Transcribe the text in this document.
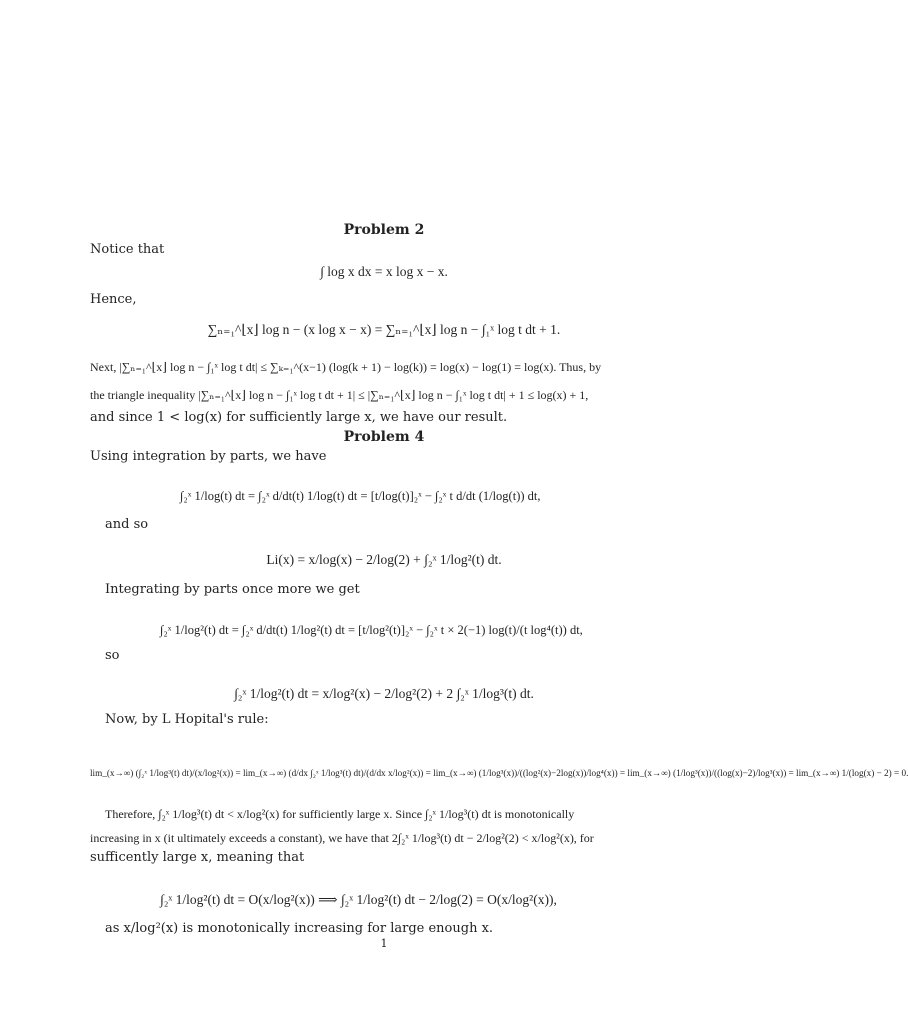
Problem 2
Notice that
∫ log x dx = x log x − x.
Hence,
∑ₙ₌₁^⌊x⌋ log n − (x log x − x) = ∑ₙ₌₁^⌊x⌋ log n − ∫₁ˣ log t dt + 1.
Next, |∑ₙ₌₁^⌊x⌋ log n − ∫₁ˣ log t dt| ≤ ∑ₖ₌₁^(x−1) (log(k + 1) − log(k)) = log(x) − log(1) = log(x). Thus, by
the triangle inequality |∑ₙ₌₁^⌊x⌋ log n − ∫₁ˣ log t dt + 1| ≤ |∑ₙ₌₁^⌊x⌋ log n − ∫₁ˣ log t dt| + 1 ≤ log(x) + 1,
and since 1 < log(x) for sufficiently large x, we have our result.
Problem 4
Using integration by parts, we have
∫₂ˣ 1/log(t) dt = ∫₂ˣ d/dt(t) 1/log(t) dt = [t/log(t)]₂ˣ − ∫₂ˣ t d/dt (1/log(t)) dt,
and so
Li(x) = x/log(x) − 2/log(2) + ∫₂ˣ 1/log²(t) dt.
Integrating by parts once more we get
∫₂ˣ 1/log²(t) dt = ∫₂ˣ d/dt(t) 1/log²(t) dt = [t/log²(t)]₂ˣ − ∫₂ˣ t × 2(−1) log(t)/(t log⁴(t)) dt,
so
∫₂ˣ 1/log²(t) dt = x/log²(x) − 2/log²(2) + 2 ∫₂ˣ 1/log³(t) dt.
Now, by L Hopital's rule:
lim_(x→∞) (∫₂ˣ 1/log³(t) dt)/(x/log²(x)) = lim_(x→∞) (d/dx ∫₂ˣ 1/log³(t) dt)/(d/dx x/log²(x)) = lim_(x→∞) (1/log³(x))/((log²(x)−2log(x))/log⁴(x)) = lim_(x→∞) (1/log³(x))/((log(x)−2)/log³(x)) = lim_(x→∞) 1/(log(x) − 2) = 0.
Therefore, ∫₂ˣ 1/log³(t) dt < x/log²(x) for sufficiently large x. Since ∫₂ˣ 1/log³(t) dt is monotonically
increasing in x (it ultimately exceeds a constant), we have that 2∫₂ˣ 1/log³(t) dt − 2/log²(2) < x/log²(x), for
sufficently large x, meaning that
∫₂ˣ 1/log²(t) dt = O(x/log²(x)) ⟹ ∫₂ˣ 1/log²(t) dt − 2/log(2) = O(x/log²(x)),
as x/log²(x) is monotonically increasing for large enough x.
1
